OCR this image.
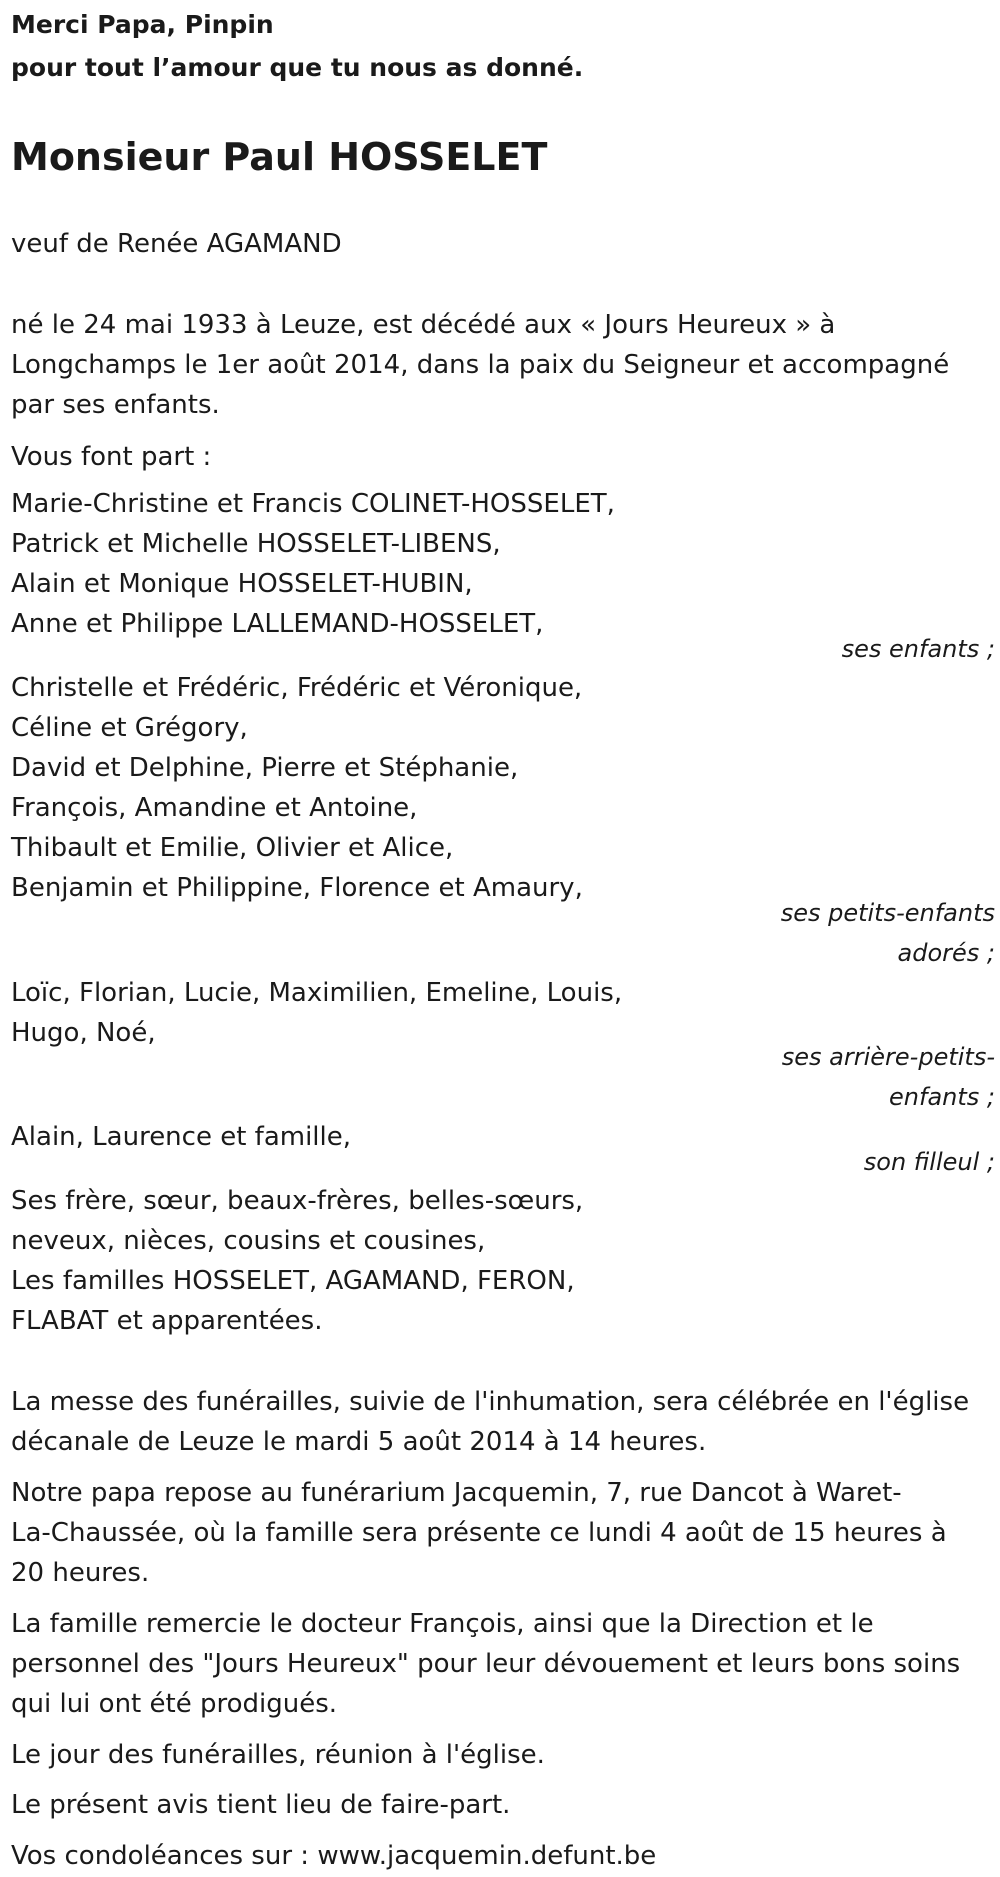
Merci Papa, Pinpin
pour tout l’amour que tu nous as donné.
Monsieur Paul HOSSELET
veuf de Renée AGAMAND
né le 24 mai 1933 à Leuze, est décédé aux « Jours Heureux » à
Longchamps le 1er août 2014, dans la paix du Seigneur et accompagné
par ses enfants.
Vous font part :
Marie-Christine et Francis COLINET-HOSSELET,
Patrick et Michelle HOSSELET-LIBENS,
Alain et Monique HOSSELET-HUBIN,
Anne et Philippe LALLEMAND-HOSSELET,
ses enfants ;
Christelle et Frédéric, Frédéric et Véronique,
Céline et Grégory,
David et Delphine, Pierre et Stéphanie,
François, Amandine et Antoine,
Thibault et Emilie, Olivier et Alice,
Benjamin et Philippine, Florence et Amaury,
ses petits-enfants
adorés ;
Loïc, Florian, Lucie, Maximilien, Emeline, Louis,
Hugo, Noé,
ses arrière-petits-
enfants ;
Alain, Laurence et famille,
son filleul ;
Ses frère, sœur, beaux-frères, belles-sœurs,
neveux, nièces, cousins et cousines,
Les familles HOSSELET, AGAMAND, FERON,
FLABAT et apparentées.
La messe des funérailles, suivie de l'inhumation, sera célébrée en l'église
décanale de Leuze le mardi 5 août 2014 à 14 heures.
Notre papa repose au funérarium Jacquemin, 7, rue Dancot à Waret-
La-Chaussée, où la famille sera présente ce lundi 4 août de 15 heures à
20 heures.
La famille remercie le docteur François, ainsi que la Direction et le
personnel des "Jours Heureux" pour leur dévouement et leurs bons soins
qui lui ont été prodigués.
Le jour des funérailles, réunion à l'église.
Le présent avis tient lieu de faire-part.
Vos condoléances sur : www.jacquemin.defunt.be
